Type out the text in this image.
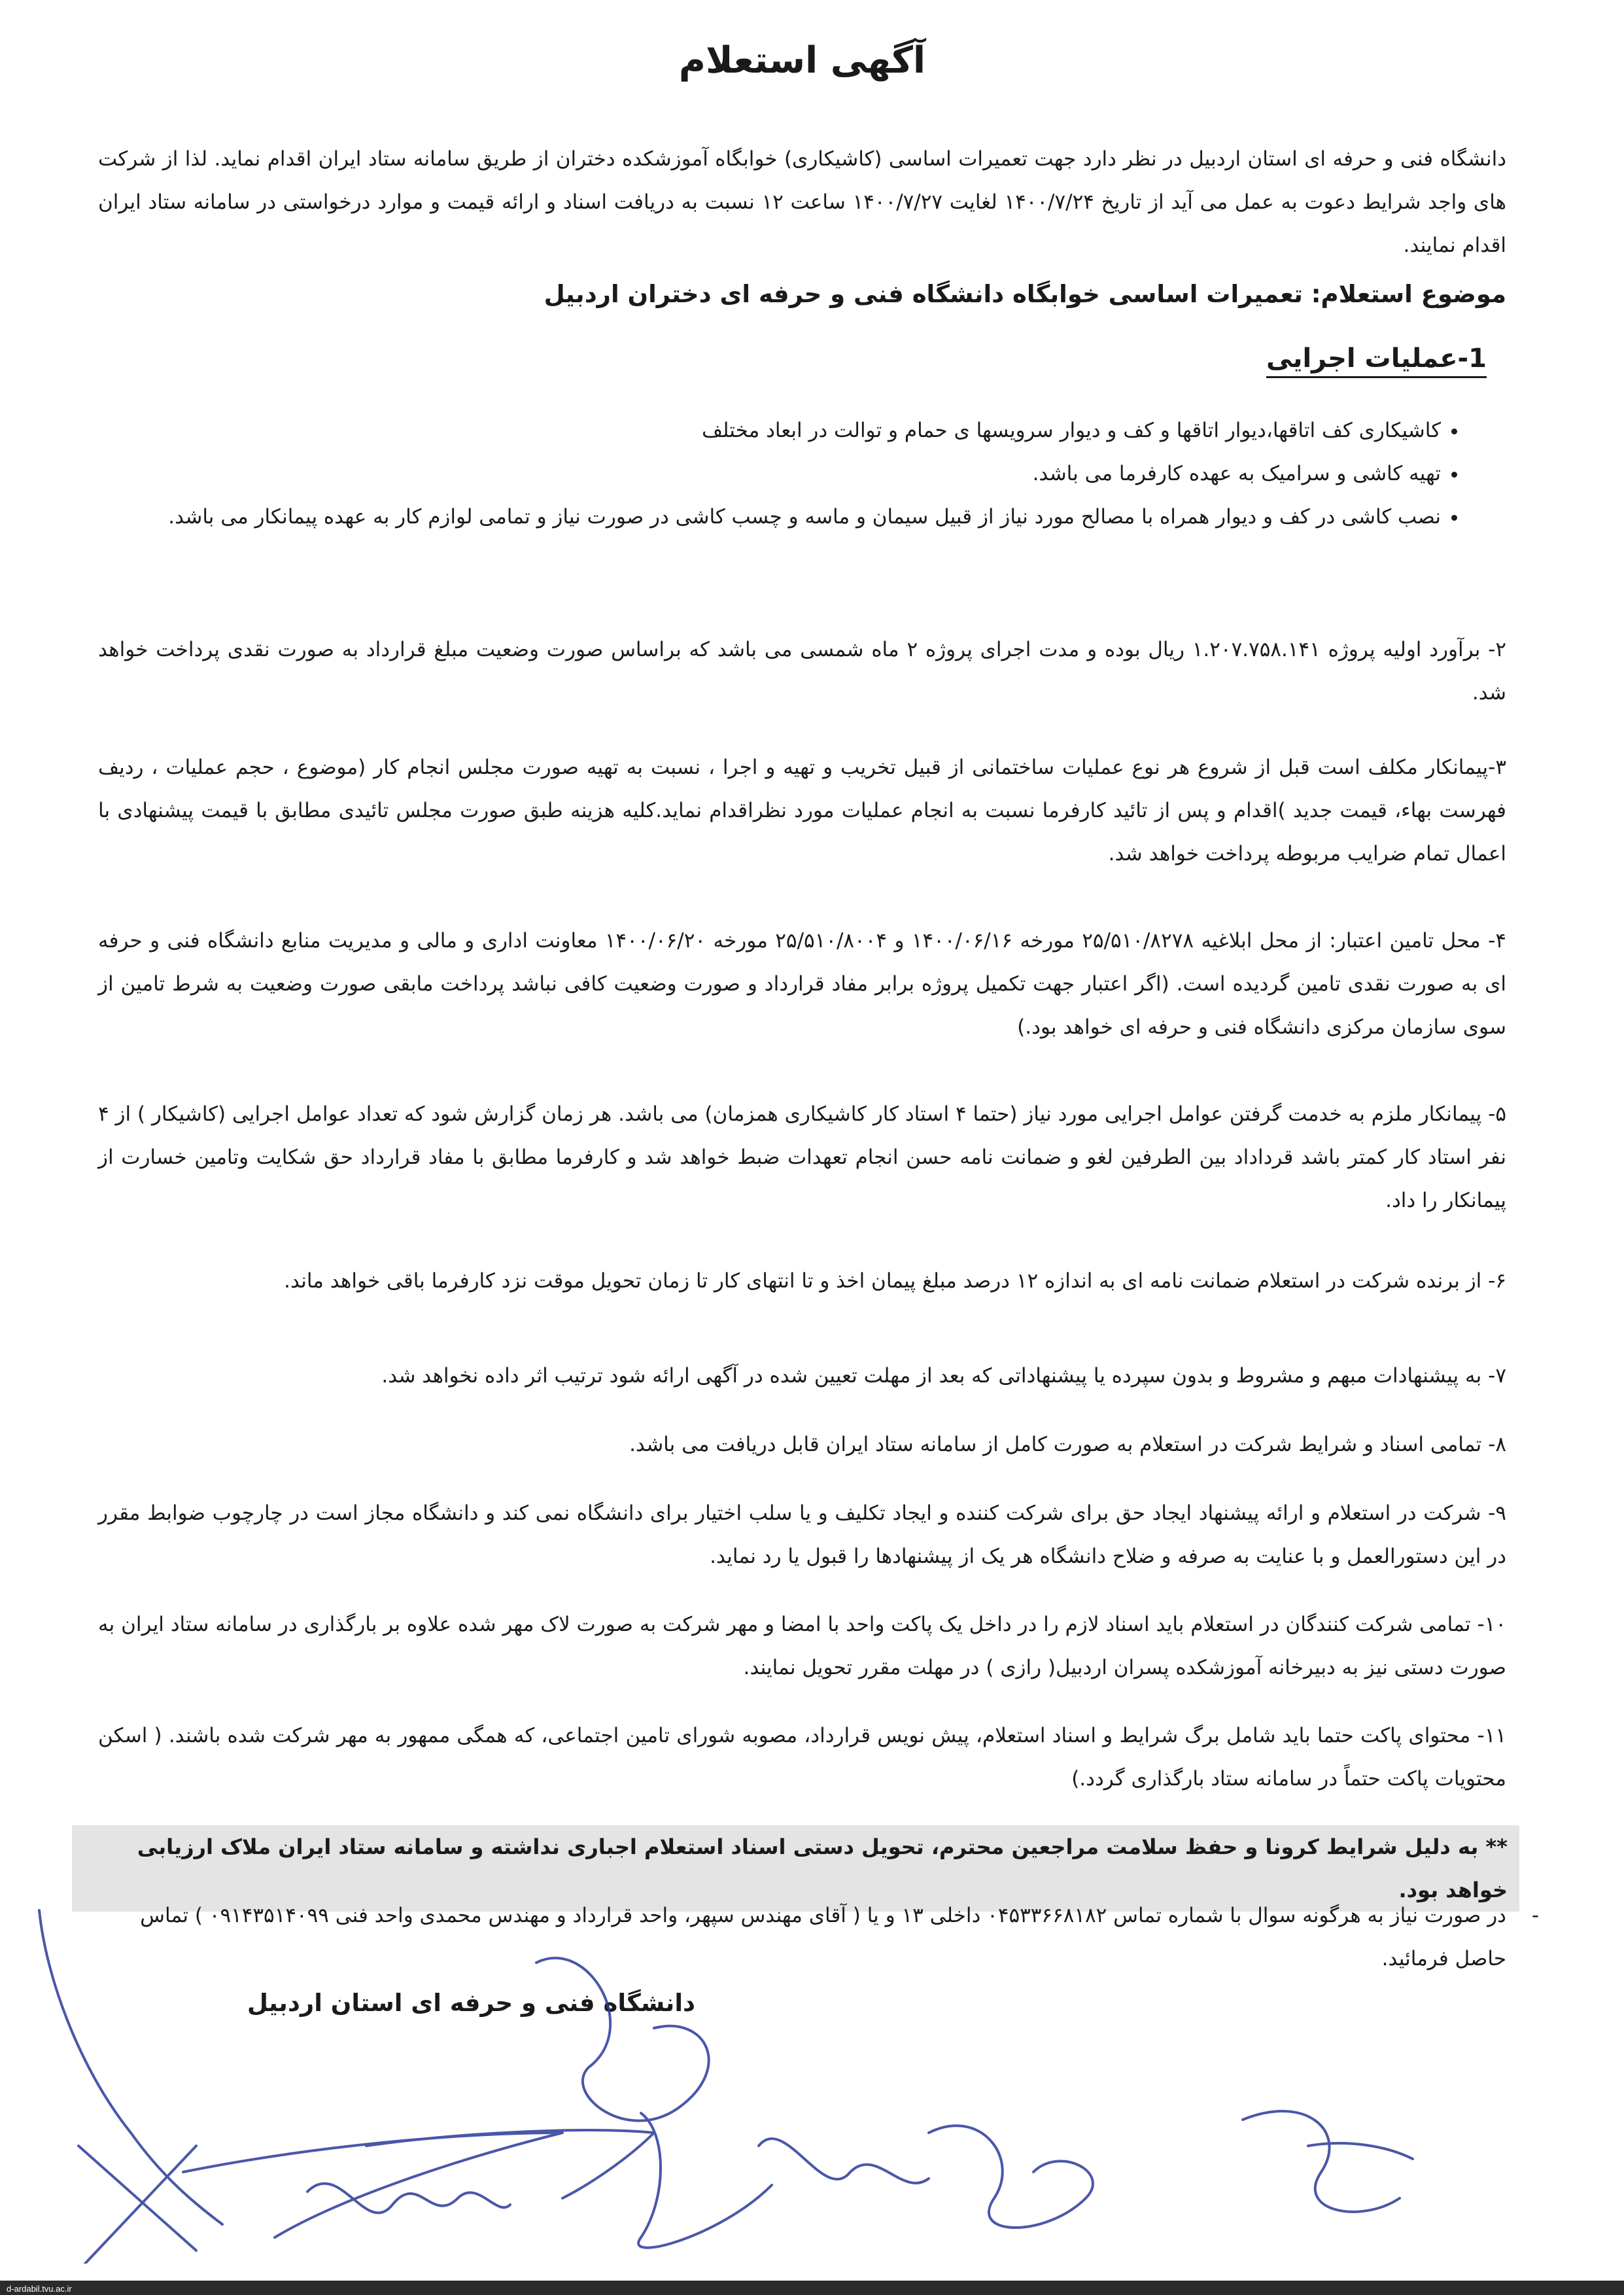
آگهی استعلام
دانشگاه فنی و حرفه ای استان اردبیل در نظر دارد جهت تعمیرات اساسی (کاشیکاری) خوابگاه آموزشکده دختران از طریق سامانه ستاد ایران اقدام نماید. لذا از شرکت های واجد شرایط دعوت به عمل می آید از تاریخ ۱۴۰۰/۷/۲۴ لغایت ۱۴۰۰/۷/۲۷ ساعت ۱۲ نسبت به دریافت اسناد و ارائه قیمت و موارد درخواستی در سامانه ستاد ایران اقدام نمایند.
موضوع استعلام: تعمیرات اساسی خوابگاه دانشگاه فنی و حرفه ای دختران اردبیل
1-عملیات اجرایی
• کاشیکاری کف اتاقها،دیوار اتاقها و کف و دیوار سرویسها ی حمام و توالت در ابعاد مختلف
• تهیه کاشی و سرامیک به عهده کارفرما می باشد.
• نصب کاشی در کف و دیوار همراه با مصالح مورد نیاز از قبیل سیمان و ماسه و چسب کاشی در صورت نیاز و تمامی لوازم کار به عهده پیمانکار می باشد.
۲- برآورد اولیه پروژه ۱.۲۰۷.۷۵۸.۱۴۱ ریال بوده و مدت اجرای پروژه ۲ ماه شمسی می باشد که براساس صورت وضعیت مبلغ قرارداد به صورت نقدی پرداخت خواهد شد.
۳-پیمانکار مکلف است قبل از شروع هر نوع عملیات ساختمانی از قبیل تخریب و تهیه و اجرا ، نسبت به تهیه صورت مجلس انجام کار (موضوع ، حجم عملیات ، ردیف فهرست بهاء، قیمت جدید )اقدام و پس از تائید کارفرما نسبت به انجام عملیات مورد نظراقدام نماید.کلیه هزینه طبق صورت مجلس تائیدی مطابق با قیمت پیشنهادی با اعمال تمام ضرایب مربوطه پرداخت خواهد شد.
۴- محل تامین اعتبار: از محل ابلاغیه ۲۵/۵۱۰/۸۲۷۸ مورخه ۱۴۰۰/۰۶/۱۶ و ۲۵/۵۱۰/۸۰۰۴ مورخه ۱۴۰۰/۰۶/۲۰ معاونت اداری و مالی و مدیریت منابع دانشگاه فنی و حرفه ای به صورت نقدی تامین گردیده است. (اگر اعتبار جهت تکمیل پروژه برابر مفاد قرارداد و صورت وضعیت کافی نباشد پرداخت مابقی صورت وضعیت به شرط تامین از سوی سازمان مرکزی دانشگاه فنی و حرفه ای خواهد بود.)
۵- پیمانکار ملزم به خدمت گرفتن عوامل اجرایی مورد نیاز (حتما ۴ استاد کار کاشیکاری همزمان) می باشد. هر زمان گزارش شود که تعداد عوامل اجرایی (کاشیکار ) از ۴ نفر استاد کار کمتر باشد قرداداد بین الطرفین لغو و ضمانت نامه حسن انجام تعهدات ضبط خواهد شد و کارفرما مطابق با مفاد قرارداد حق شکایت وتامین خسارت از پیمانکار را داد.
۶- از برنده شرکت در استعلام ضمانت نامه ای به اندازه ۱۲ درصد مبلغ پیمان اخذ و تا انتهای کار تا زمان تحویل موقت نزد کارفرما باقی خواهد ماند.
۷- به پیشنهادات مبهم و مشروط و بدون سپرده یا پیشنهاداتی که بعد از مهلت تعیین شده در آگهی ارائه شود ترتیب اثر داده نخواهد شد.
۸- تمامی اسناد و شرایط شرکت در استعلام به صورت کامل از سامانه ستاد ایران قابل دریافت می باشد.
۹- شرکت در استعلام و ارائه پیشنهاد ایجاد حق برای شرکت کننده و ایجاد تکلیف و یا سلب اختیار برای دانشگاه نمی کند و دانشگاه مجاز است در چارچوب ضوابط مقرر در این دستورالعمل و با عنایت به صرفه و ضلاح دانشگاه هر یک از پیشنهادها را قبول یا رد نماید.
۱۰- تمامی شرکت کنندگان در استعلام باید اسناد لازم را در داخل یک پاکت واحد با امضا و مهر شرکت به صورت لاک مهر شده علاوه بر بارگذاری در سامانه ستاد ایران به صورت دستی نیز به دبیرخانه آموزشکده پسران اردبیل( رازی ) در مهلت مقرر تحویل نمایند.
۱۱- محتوای پاکت حتما باید شامل برگ شرایط و اسناد استعلام، پیش نویس قرارداد، مصوبه شورای تامین اجتماعی، که همگی ممهور به مهر شرکت شده باشند. ( اسکن محتویات پاکت حتماً در سامانه ستاد بارگذاری گردد.)
** به دلیل شرایط کرونا و حفظ سلامت مراجعین محترم، تحویل دستی اسناد استعلام اجباری نداشته و سامانه ستاد ایران ملاک ارزیابی خواهد بود.
-
در صورت نیاز به هرگونه سوال با شماره تماس ۰۴۵۳۳۶۶۸۱۸۲ داخلی ۱۳ و یا ( آقای مهندس سپهر، واحد قرارداد و مهندس محمدی واحد فنی ۰۹۱۴۳۵۱۴۰۹۹ ) تماس حاصل فرمائید.
دانشگاه فنی و حرفه ای استان اردبیل
d-ardabil.tvu.ac.ir
